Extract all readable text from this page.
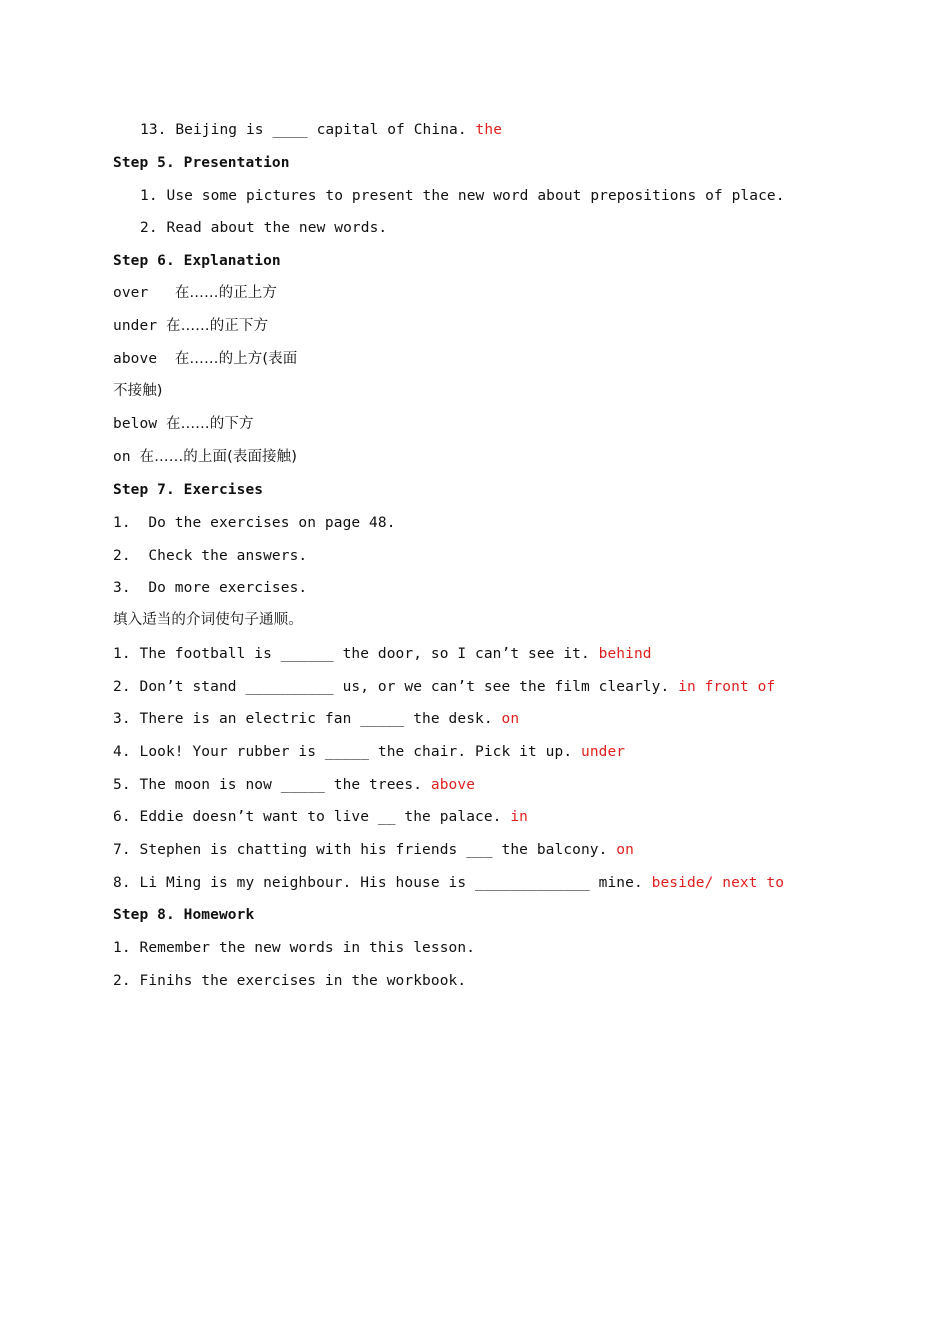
13. Beijing is ____ capital of China. the
Step 5. Presentation
1. Use some pictures to present the new word about prepositions of place.
2. Read about the new words.
Step 6. Explanation
over   在……的正上方
under 在……的正下方
above  在……的上方(表面
不接触)
below 在……的下方
on 在……的上面(表面接触)
Step 7. Exercises
1.  Do the exercises on page 48.
2.  Check the answers.
3.  Do more exercises.
填入适当的介词使句子通顺。
1. The football is ______ the door, so I can’t see it. behind
2. Don’t stand __________ us, or we can’t see the film clearly. in front of
3. There is an electric fan _____ the desk. on
4. Look! Your rubber is _____ the chair. Pick it up. under
5. The moon is now _____ the trees. above
6. Eddie doesn’t want to live __ the palace. in
7. Stephen is chatting with his friends ___ the balcony. on
8. Li Ming is my neighbour. His house is _____________ mine. beside/ next to
Step 8. Homework
1. Remember the new words in this lesson.
2. Finihs the exercises in the workbook.
